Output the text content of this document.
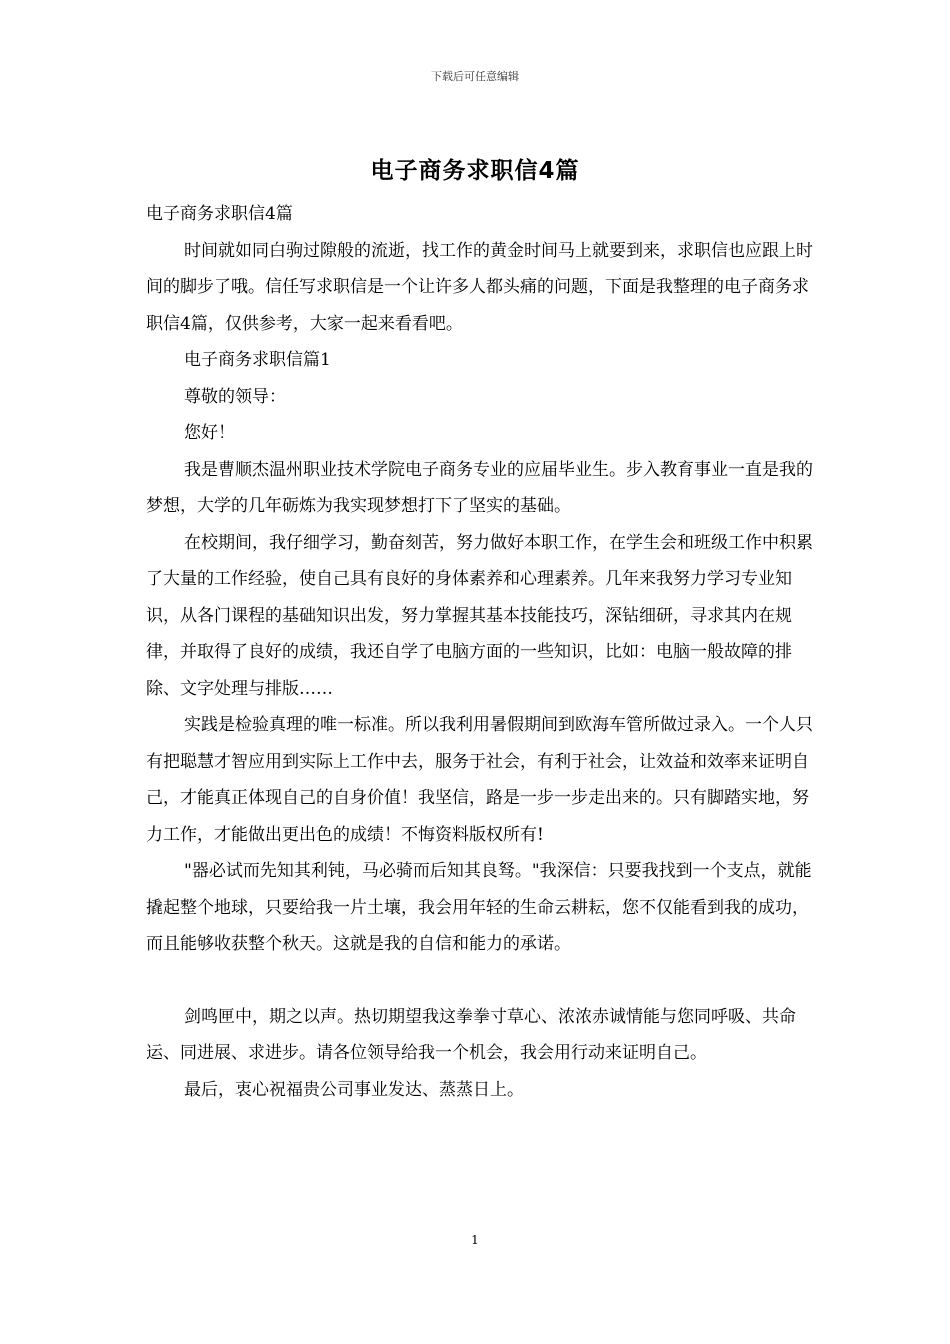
下载后可任意编辑
电子商务求职信4篇

电子商务求职信4篇

时间就如同白驹过隙般的流逝，找工作的黄金时间马上就要到来，求职信也应跟上时间的脚步了哦。信任写求职信是一个让许多人都头痛的问题，下面是我整理的电子商务求职信4篇，仅供参考，大家一起来看看吧。

电子商务求职信篇1

尊敬的领导：

您好！

我是曹顺杰温州职业技术学院电子商务专业的应届毕业生。步入教育事业一直是我的梦想，大学的几年砺炼为我实现梦想打下了坚实的基础。

在校期间，我仔细学习，勤奋刻苦，努力做好本职工作，在学生会和班级工作中积累了大量的工作经验，使自己具有良好的身体素养和心理素养。几年来我努力学习专业知识，从各门课程的基础知识出发，努力掌握其基本技能技巧，深钻细研，寻求其内在规律，并取得了良好的成绩，我还自学了电脑方面的一些知识，比如：电脑一般故障的排除、文字处理与排版……

实践是检验真理的唯一标准。所以我利用暑假期间到欧海车管所做过录入。一个人只有把聪慧才智应用到实际上工作中去，服务于社会，有利于社会，让效益和效率来证明自己，才能真正体现自己的自身价值！我坚信，路是一步一步走出来的。只有脚踏实地，努力工作，才能做出更出色的成绩！不悔资料版权所有!

"器必试而先知其利钝，马必骑而后知其良驽。"我深信：只要我找到一个支点，就能撬起整个地球，只要给我一片土壤，我会用年轻的生命云耕耘，您不仅能看到我的成功，而且能够收获整个秋天。这就是我的自信和能力的承诺。

剑鸣匣中，期之以声。热切期望我这拳拳寸草心、浓浓赤诚情能与您同呼吸、共命运、同进展、求进步。请各位领导给我一个机会，我会用行动来证明自己。

最后，衷心祝福贵公司事业发达、蒸蒸日上。

1
